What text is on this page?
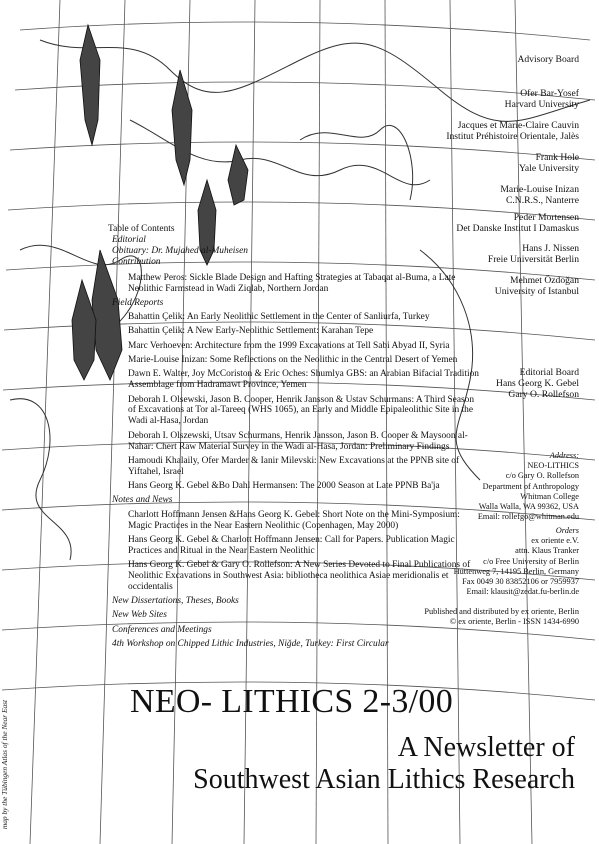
map by the Tübingen Atlas of the Near East
Advisory Board
Ofer Bar-Yosef
Harvard University
Jacques et Marie-Claire Cauvin
Institut Préhistoire Orientale, Jalès
Frank Hole
Yale University
Marie-Louise Inizan
C.N.R.S., Nanterre
Peder Mortensen
Det Danske Institut I Damaskus
Hans J. Nissen
Freie Universität Berlin
Mehmet Özdoğan
University of Istanbul
Editorial Board
Hans Georg K. Gebel
Gary O. Rollefson
Address:
NEO-LITHICS
c/o Gary O. Rollefson
Department of Anthropology
Whitman College
Walla Walla, WA 99362, USA
Email: rollefgo@whitman.edu
Orders
ex oriente e.V.
attn. Klaus Tranker
c/o Free University of Berlin
Hüttenweg 7, 14195 Berlin, Germany
Fax 0049 30 83852106 or 7959937
Email: klausit@zedat.fu-berlin.de
Published and distributed by ex oriente, Berlin
© ex oriente, Berlin - ISSN 1434-6990
Table of Contents
Editorial
Obituary: Dr. Mujahed al-Muheisen
Contribution
Matthew Peros: Sickle Blade Design and Hafting Strategies at Tabaqat al-Buma, a Late Neolithic Farmstead in Wadi Ziqlab, Northern Jordan
Field Reports
Bahattin Çelik: An Early Neolithic Settlement in the Center of Sanliurfa, Turkey
Bahattin Çelik: A New Early-Neolithic Settlement: Karahan Tepe
Marc Verhoeven: Architecture from the 1999 Excavations at Tell Sabi Abyad II, Syria
Marie-Louise Inizan: Some Reflections on the Neolithic in the Central Desert of Yemen
Dawn E. Walter, Joy McCoriston & Eric Oches: Shumlya GBS: an Arabian Bifacial Tradition Assemblage from Hadramawt Province, Yemen
Deborah I. Olsewski, Jason B. Cooper, Henrik Jansson & Ustav Schurmans: A Third Season of Excavations at Tor al-Tareeq (WHS 1065), an Early and Middle Epipaleolithic Site in the Wadi al-Hasa, Jordan
Deborah I. Olszewski, Utsav Schurmans, Henrik Jansson, Jason B. Cooper & Maysoon al-Nahar: Chert Raw Material Survey in the Wadi al-Hasa, Jordan: Preliminary Findings
Hamoudi Khalaily, Ofer Marder & Ianir Milevski: New Excavations at the PPNB site of Yiftahel, Israel
Hans Georg K. Gebel &Bo Dahl Hermansen: The 2000 Season at Late PPNB Ba'ja
Notes and News
Charlott Hoffmann Jensen &Hans Georg K. Gebel: Short Note on the Mini-Symposium: Magic Practices in the Near Eastern Neolithic (Copenhagen, May 2000)
Hans Georg K. Gebel & Charlott Hoffmann Jensen: Call for Papers. Publication Magic Practices and Ritual in the Near Eastern Neolithic
Hans Georg K. Gebel & Gary O. Rollefson: A New Series Devoted to Final Publications of Neolithic Excavations in Southwest Asia: bibliotheca neolithica Asiae meridionalis et occidentalis
New Dissertations, Theses, Books
New Web Sites
Conferences and Meetings
4th Workshop on Chipped Lithic Industries, Niğde, Turkey: First Circular
NEO- LITHICS 2-3/00
A Newsletter of
Southwest Asian Lithics Research
